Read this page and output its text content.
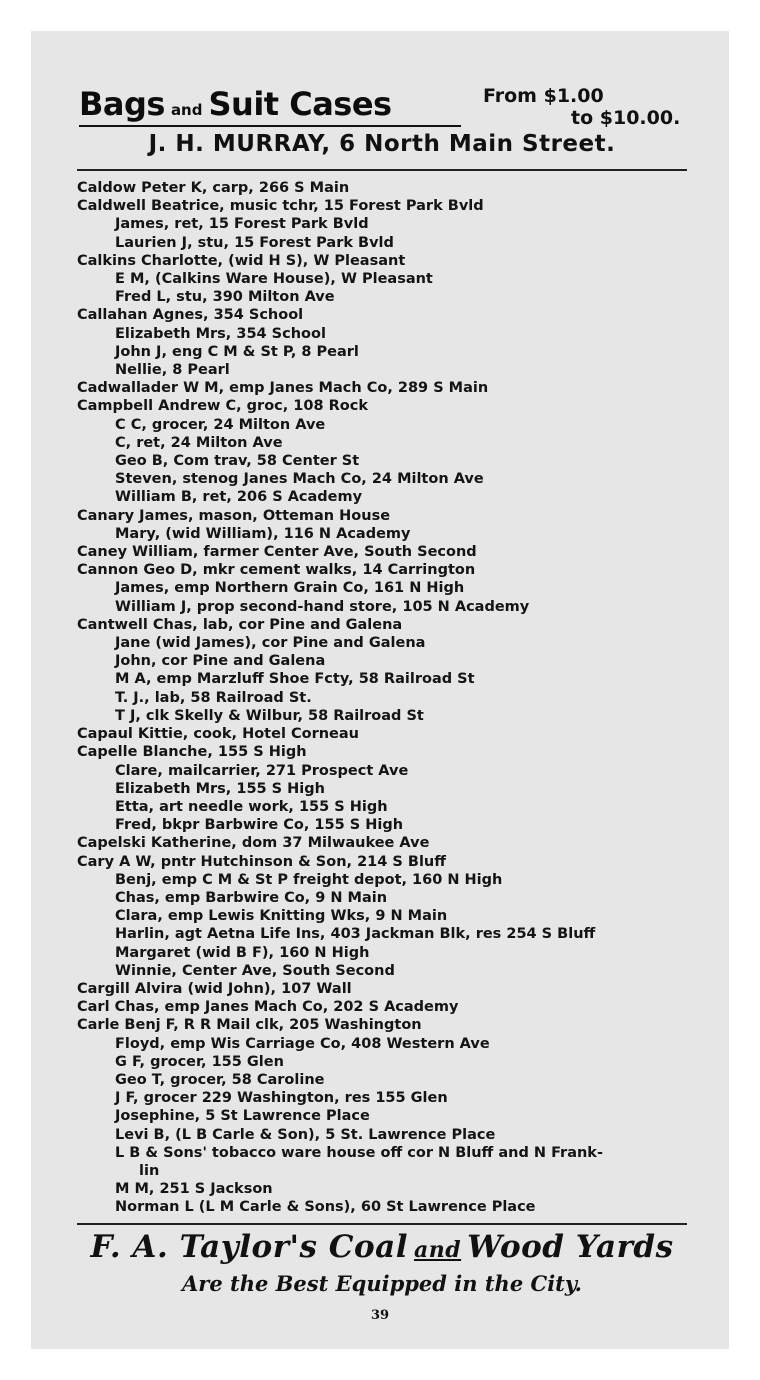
Bags and Suit Cases	From $1.00
to $10.00.
J. H. MURRAY, 6 North Main Street.
Caldow Peter K, carp, 266 S Main
Caldwell Beatrice, music tchr, 15 Forest Park Bvld
James, ret, 15 Forest Park Bvld
Laurien J, stu, 15 Forest Park Bvld
Calkins Charlotte, (wid H S), W Pleasant
E M, (Calkins Ware House), W Pleasant
Fred L, stu, 390 Milton Ave
Callahan Agnes, 354 School
Elizabeth Mrs, 354 School
John J, eng C M & St P, 8 Pearl
Nellie, 8 Pearl
Cadwallader W M, emp Janes Mach Co, 289 S Main
Campbell Andrew C, groc, 108 Rock
C C, grocer, 24 Milton Ave
C, ret, 24 Milton Ave
Geo B, Com trav, 58 Center St
Steven, stenog Janes Mach Co, 24 Milton Ave
William B, ret, 206 S Academy
Canary James, mason, Otteman House
Mary, (wid William), 116 N Academy
Caney William, farmer Center Ave, South Second
Cannon Geo D, mkr cement walks, 14 Carrington
James, emp Northern Grain Co, 161 N High
William J, prop second-hand store, 105 N Academy
Cantwell Chas, lab, cor Pine and Galena
Jane (wid James), cor Pine and Galena
John, cor Pine and Galena
M A, emp Marzluff Shoe Fcty, 58 Railroad St
T. J., lab, 58 Railroad St.
T J, clk Skelly & Wilbur, 58 Railroad St
Capaul Kittie, cook, Hotel Corneau
Capelle Blanche, 155 S High
Clare, mailcarrier, 271 Prospect Ave
Elizabeth Mrs, 155 S High
Etta, art needle work, 155 S High
Fred, bkpr Barbwire Co, 155 S High
Capelski Katherine, dom 37 Milwaukee Ave
Cary A W, pntr Hutchinson & Son, 214 S Bluff
Benj, emp C M & St P freight depot, 160 N High
Chas, emp Barbwire Co, 9 N Main
Clara, emp Lewis Knitting Wks, 9 N Main
Harlin, agt Aetna Life Ins, 403 Jackman Blk, res 254 S Bluff
Margaret (wid B F), 160 N High
Winnie, Center Ave, South Second
Cargill Alvira (wid John), 107 Wall
Carl Chas, emp Janes Mach Co, 202 S Academy
Carle Benj F, R R Mail clk, 205 Washington
Floyd, emp Wis Carriage Co, 408 Western Ave
G F, grocer, 155 Glen
Geo T, grocer, 58 Caroline
J F, grocer 229 Washington, res 155 Glen
Josephine, 5 St Lawrence Place
Levi B, (L B Carle & Son), 5 St. Lawrence Place
L B & Sons' tobacco ware house off cor N Bluff and N Frank-
lin
M M, 251 S Jackson
Norman L (L M Carle & Sons), 60 St Lawrence Place
F. A. Taylor's Coal and Wood Yards
Are the Best Equipped in the City.
39
